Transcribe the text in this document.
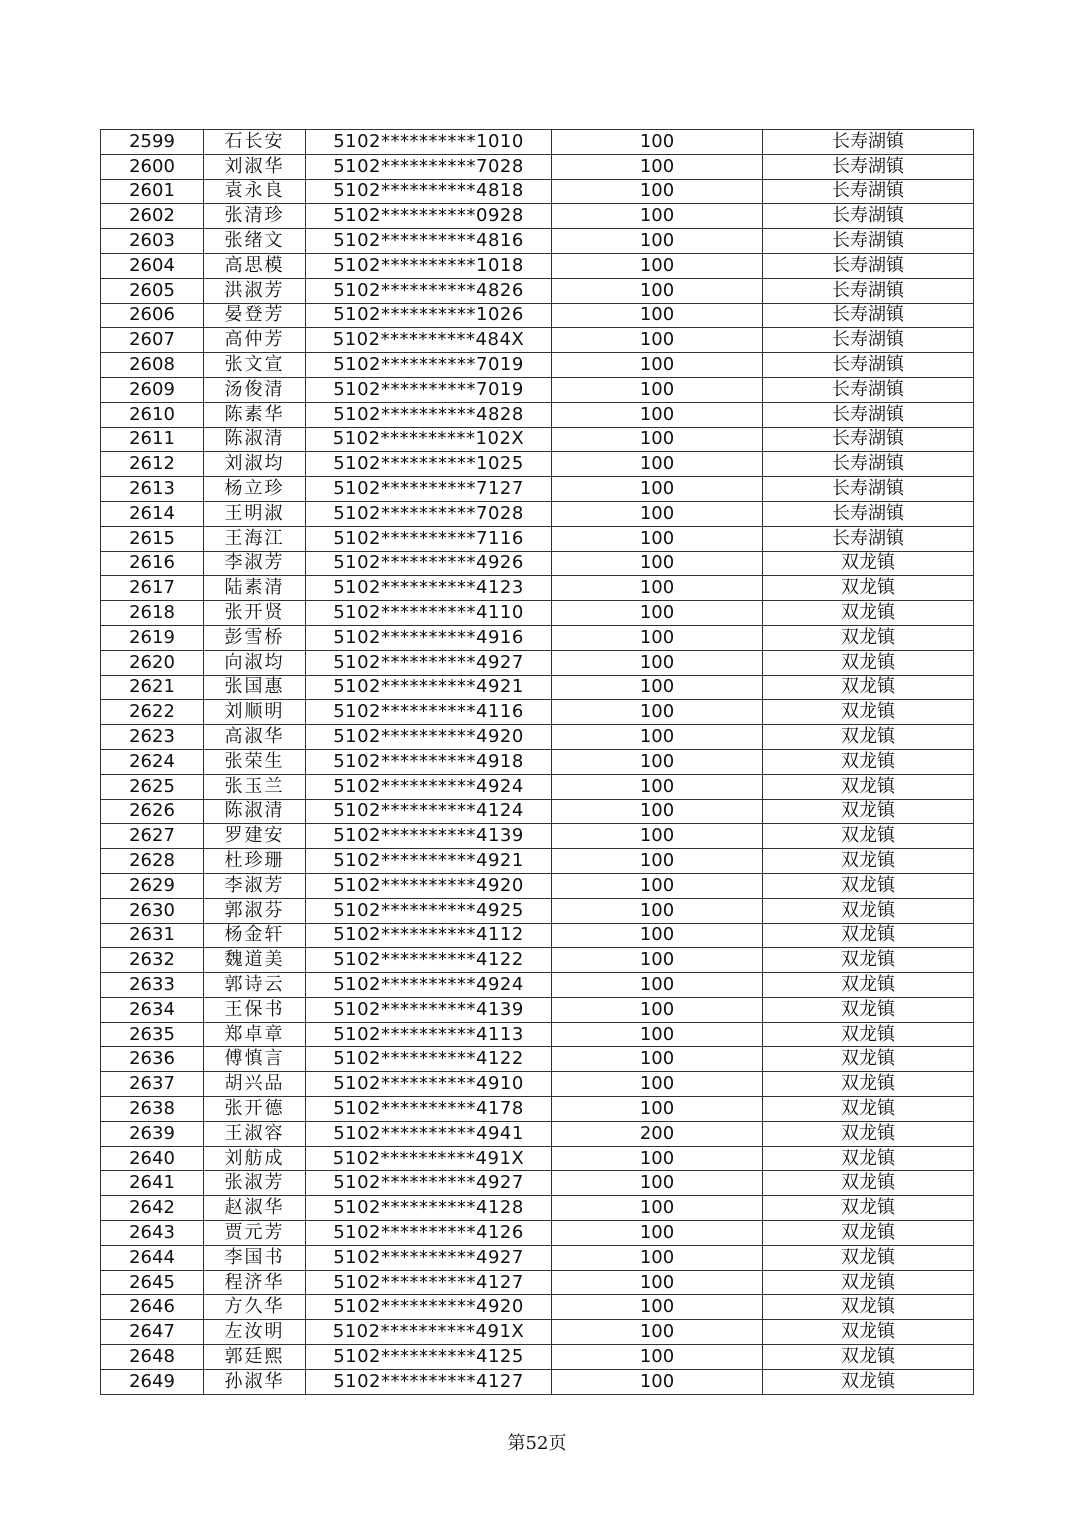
2599	石长安	5102**********1010	100	长寿湖镇
2600	刘淑华	5102**********7028	100	长寿湖镇
2601	袁永良	5102**********4818	100	长寿湖镇
2602	张清珍	5102**********0928	100	长寿湖镇
2603	张绪文	5102**********4816	100	长寿湖镇
2604	高思模	5102**********1018	100	长寿湖镇
2605	洪淑芳	5102**********4826	100	长寿湖镇
2606	晏登芳	5102**********1026	100	长寿湖镇
2607	高仲芳	5102**********484X	100	长寿湖镇
2608	张文宣	5102**********7019	100	长寿湖镇
2609	汤俊清	5102**********7019	100	长寿湖镇
2610	陈素华	5102**********4828	100	长寿湖镇
2611	陈淑清	5102**********102X	100	长寿湖镇
2612	刘淑均	5102**********1025	100	长寿湖镇
2613	杨立珍	5102**********7127	100	长寿湖镇
2614	王明淑	5102**********7028	100	长寿湖镇
2615	王海江	5102**********7116	100	长寿湖镇
2616	李淑芳	5102**********4926	100	双龙镇
2617	陆素清	5102**********4123	100	双龙镇
2618	张开贤	5102**********4110	100	双龙镇
2619	彭雪桥	5102**********4916	100	双龙镇
2620	向淑均	5102**********4927	100	双龙镇
2621	张国惠	5102**********4921	100	双龙镇
2622	刘顺明	5102**********4116	100	双龙镇
2623	高淑华	5102**********4920	100	双龙镇
2624	张荣生	5102**********4918	100	双龙镇
2625	张玉兰	5102**********4924	100	双龙镇
2626	陈淑清	5102**********4124	100	双龙镇
2627	罗建安	5102**********4139	100	双龙镇
2628	杜珍珊	5102**********4921	100	双龙镇
2629	李淑芳	5102**********4920	100	双龙镇
2630	郭淑芬	5102**********4925	100	双龙镇
2631	杨金轩	5102**********4112	100	双龙镇
2632	魏道美	5102**********4122	100	双龙镇
2633	郭诗云	5102**********4924	100	双龙镇
2634	王保书	5102**********4139	100	双龙镇
2635	郑卓章	5102**********4113	100	双龙镇
2636	傅慎言	5102**********4122	100	双龙镇
2637	胡兴品	5102**********4910	100	双龙镇
2638	张开德	5102**********4178	100	双龙镇
2639	王淑容	5102**********4941	200	双龙镇
2640	刘舫成	5102**********491X	100	双龙镇
2641	张淑芳	5102**********4927	100	双龙镇
2642	赵淑华	5102**********4128	100	双龙镇
2643	贾元芳	5102**********4126	100	双龙镇
2644	李国书	5102**********4927	100	双龙镇
2645	程济华	5102**********4127	100	双龙镇
2646	方久华	5102**********4920	100	双龙镇
2647	左汝明	5102**********491X	100	双龙镇
2648	郭廷熙	5102**********4125	100	双龙镇
2649	孙淑华	5102**********4127	100	双龙镇
第52页
